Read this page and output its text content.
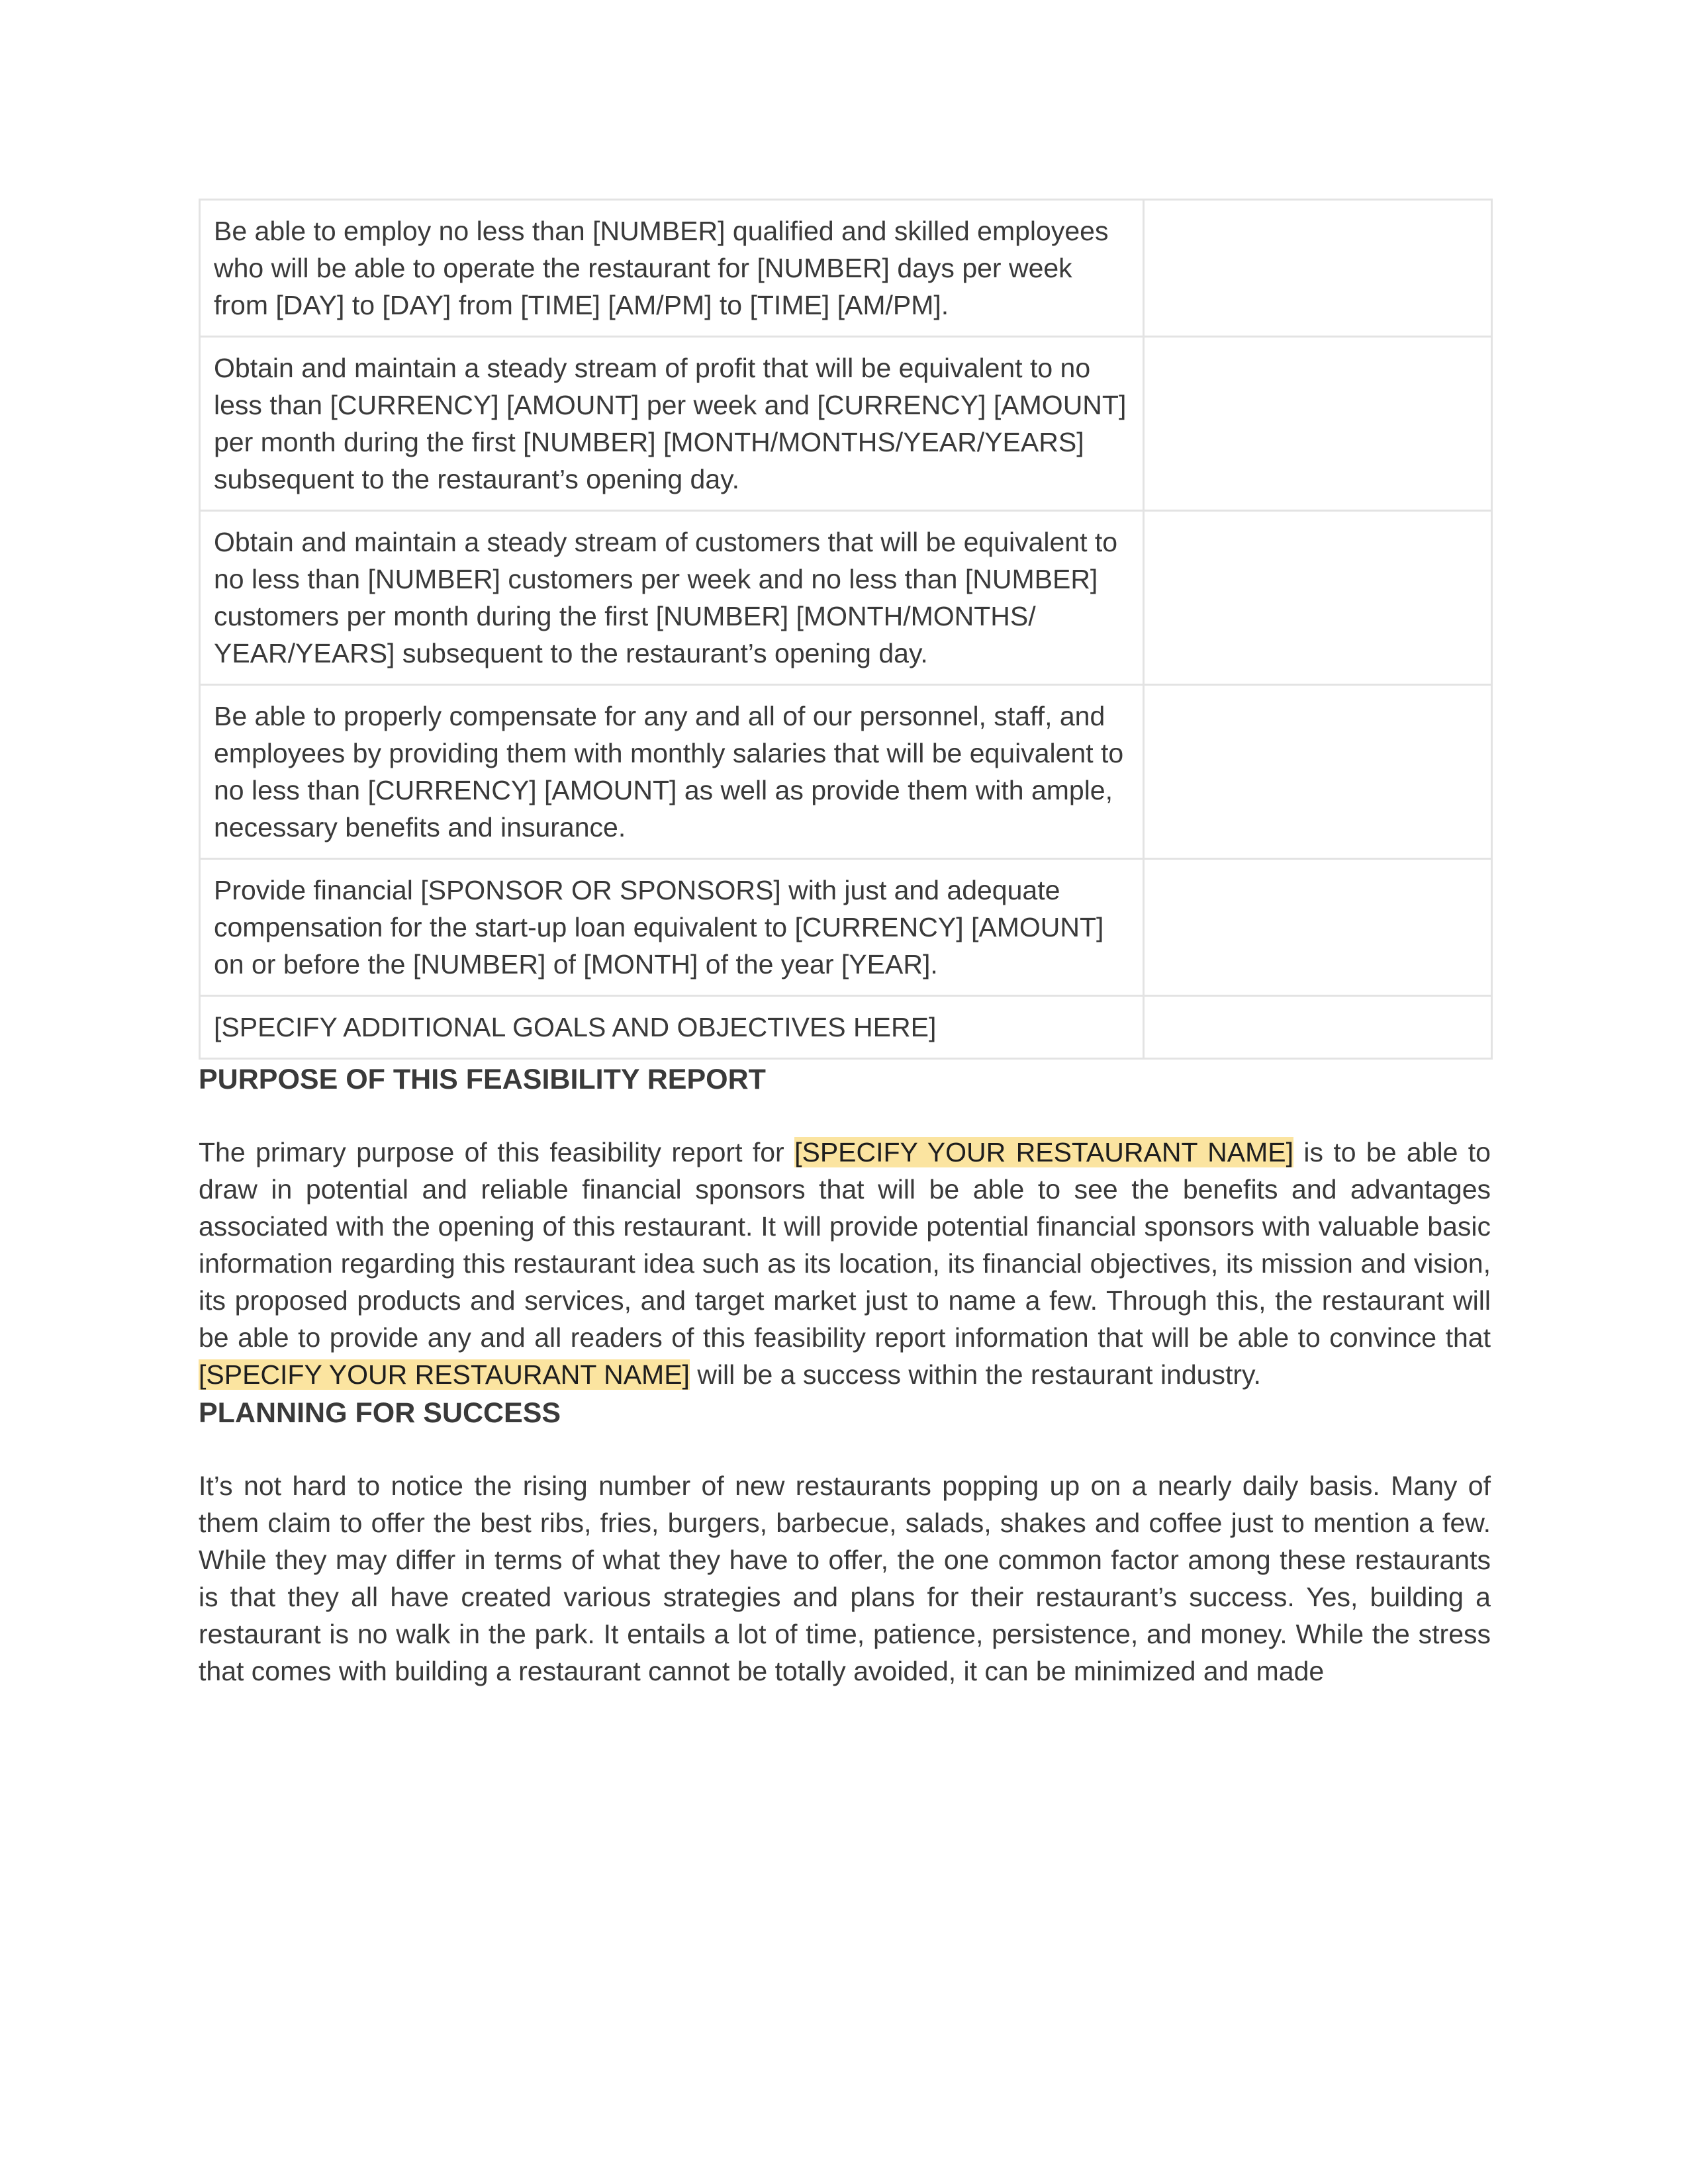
Be able to employ no less than [NUMBER] qualified and skilled employees who will be able to operate the restaurant for [NUMBER] days per week from [DAY] to [DAY] from [TIME] [AM/PM] to [TIME] [AM/PM].	
Obtain and maintain a steady stream of profit that will be equivalent to no less than [CURRENCY] [AMOUNT] per week and [CURRENCY] [AMOUNT] per month during the first [NUMBER] [MONTH/MONTHS/YEAR/YEARS] subsequent to the restaurant’s opening day.	
Obtain and maintain a steady stream of customers that will be equivalent to no less than [NUMBER] customers per week and no less than [NUMBER] customers per month during the first [NUMBER] [MONTH/MONTHS/ YEAR/YEARS] subsequent to the restaurant’s opening day.	
Be able to properly compensate for any and all of our personnel, staff, and employees by providing them with monthly salaries that will be equivalent to no less than [CURRENCY] [AMOUNT] as well as provide them with ample, necessary benefits and insurance.	
Provide financial [SPONSOR OR SPONSORS] with just and adequate compensation for the start-up loan equivalent to [CURRENCY] [AMOUNT] on or before the [NUMBER] of [MONTH] of the year [YEAR].	
[SPECIFY ADDITIONAL GOALS AND OBJECTIVES HERE]	
PURPOSE OF THIS FEASIBILITY REPORT

The primary purpose of this feasibility report for [SPECIFY YOUR RESTAURANT NAME] is to be able to draw in potential and reliable financial sponsors that will be able to see the benefits and advantages associated with the opening of this restaurant. It will provide potential financial sponsors with valuable basic information regarding this restaurant idea such as its location, its financial objectives, its mission and vision, its proposed products and services, and target market just to name a few. Through this, the restaurant will be able to provide any and all readers of this feasibility report information that will be able to convince that [SPECIFY YOUR RESTAURANT NAME] will be a success within the restaurant industry.

PLANNING FOR SUCCESS

It’s not hard to notice the rising number of new restaurants popping up on a nearly daily basis. Many of them claim to offer the best ribs, fries, burgers, barbecue, salads, shakes and coffee just to mention a few. While they may differ in terms of what they have to offer, the one common factor among these restaurants is that they all have created various strategies and plans for their restaurant’s success. Yes, building a restaurant is no walk in the park. It entails a lot of time, patience, persistence, and money. While the stress that comes with building a restaurant cannot be totally avoided, it can be minimized and made
